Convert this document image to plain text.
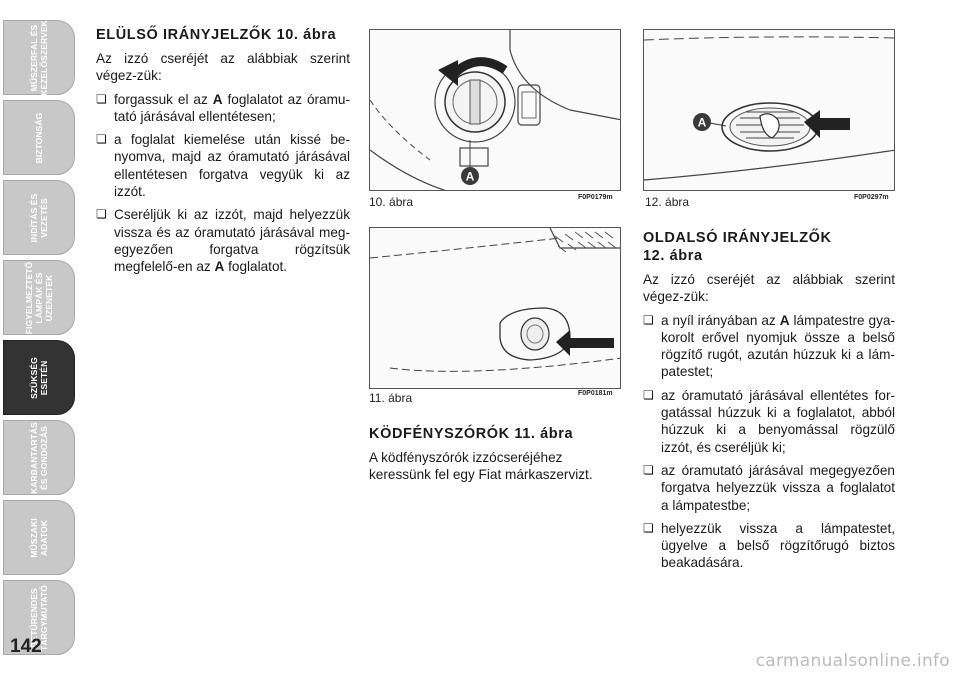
MŰSZERFAL ÉS
KEZELŐSZERVEK
BIZTONSÁG
INDÍTÁS ÉS
VEZETÉS
FIGYELMEZTETŐ
LÁMPÁK ÉS
ÜZENETEK
SZÜKSÉG
ESETÉN
KARBANTARTÁS
ÉS GONDOZÁS
MŰSZAKI
ADATOK
BETŰRENDES
TÁRGYMUTATÓ
142
ELÜLSŐ IRÁNYJELZŐK 10. ábra

Az izzó cseréjét az alábbiak szerint végez-zük:

❏ forgassuk el az A foglalatot az óramu-tató járásával ellentétesen;
❏ a foglalat kiemelése után kissé be-nyomva, majd az óramutató járásával ellentétesen forgatva vegyük ki az izzót.
❏ Cseréljük ki az izzót, majd helyezzük vissza és az óramutató járásával meg-egyezően forgatva rögzítsük megfelelő-en az A foglalatot.
A
10. ábra	F0P0179m
11. ábra	F0P0181m
KÖDFÉNYSZÓRÓK 11. ábra

A ködfényszórók izzócseréjéhez keressünk fel egy Fiat márkaszervizt.

A
12. ábra	F0P0297m
OLDALSÓ IRÁNYJELZŐK
12. ábra

Az izzó cseréjét az alábbiak szerint végez-zük:

❏ a nyíl irányában az A lámpatestre gya-korolt erővel nyomjuk össze a belső rögzítő rugót, azután húzzuk ki a lám-patestet;
❏ az óramutató járásával ellentétes for-gatással húzzuk ki a foglalatot, abból húzzuk ki a benyomással rögzülő izzót, és cseréljük ki;
❏ az óramutató járásával megegyezően forgatva helyezzük vissza a foglalatot a lámpatestbe;
❏ helyezzük vissza a lámpatestet, ügyelve a belső rögzítőrugó biztos beakadására.
carmanualsonline.info
